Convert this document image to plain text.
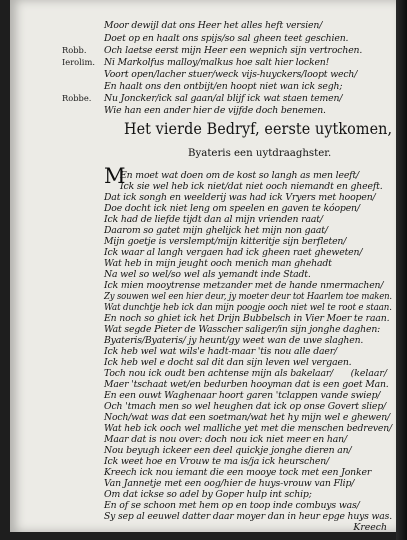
Moor dewijl dat ons Heer het alles heft versien/
Doet op en haalt ons spijs/so sal gheen teet geschien.
Och laetse eerst mijn Heer een wepnich sijn vertrochen.
Ni Markolfus malloy/malkus hoe salt hier locken!
Voort open/lacher stuer/weck vijs-huyckers/loopt wech/
En haalt ons den ontbijt/en hoopt niet wan ick segh;
Nu Joncker/ick sal gaan/al blijf ick wat staen temen/
Wie han een ander hier de vijfde doch benemen.
Robb.
Ierolim.
Robbe.
Het vierde Bedryf, eerste uytkomen,
Byateris een uytdraaghster.
M
En moet wat doen om de kost so langh as men leeft/
Ick sie wel heb ick niet/dat niet ooch niemandt en gheeft.
Dat ick songh en weelderij was had ick Vryers met hoopen/
Doe docht ick niet leng om speelen en gaven te kóopen/
Ick had de liefde tijdt dan al mijn vrienden raat/
Daarom so gatet mijn ghelijck het mijn non gaat/
Mijn goetje is verslempt/mijn kitteritje sijn berfleten/
Ick waar al langh vergaen had ick gheen raet gheweten/
Wat heb in mijn jeught ooch menich man ghehadt
Na wel so wel/so wel als yemandt inde Stadt.
Ick mien mooytrense metzander met de hande nmermachen/
Zy souwen wel een hier deur, jy moeter deur tot Haarlem toe maken.
Wat dunchtje heb ick dan mijn poogje ooch niet wel te root e staan.
En noch so ghiet ick het Drijn Bubbelsch in Vier Moer te raan.
Wat segde Pieter de Wasscher saliger/in sijn jonghe daghen:
Byateris/Byateris/ jy heunt/gy weet wan de uwe slaghen.
Ick heb wel wat wils'e hadt-maar 'tis nou alle daer/
Ick heb wel e docht sal dit dan sijn leven wel vergaen.
Toch nou ick oudt ben achtense mijn als bakelaar/ (kelaar/
Maer 'tschaat wet/en bedurben hooyman dat is een goet Man.
En een ouwt Waghenaar hoort garen 'tclappen vande swiep/
Och 'tmach men so wel heughen dat ick op onse Govert sliep/
Noch/wat was dat een soetman/wat het hy mijn wel e ghewen/
Wat heb ick ooch wel malliche yet met die menschen bedreven/
Maar dat is nou over: doch nou ick niet meer en han/
Nou beyugh ickeer een deel quickje jonghe dieren an/
Ick weet hoe en Vrouw te ma is/ja ick heurschen/
Kreech ick nou iemant die een mooye tock met een Jonker
Van Jannetje met een oog/hier de huys-vrouw van Flip/
Om dat ickse so adel by Goper hulp int schip;
En of se schoon met hem op en toop inde combuys was/
Sy sep al eeuwel datter daar moyer dan in heur epge huys was.
Kreech
